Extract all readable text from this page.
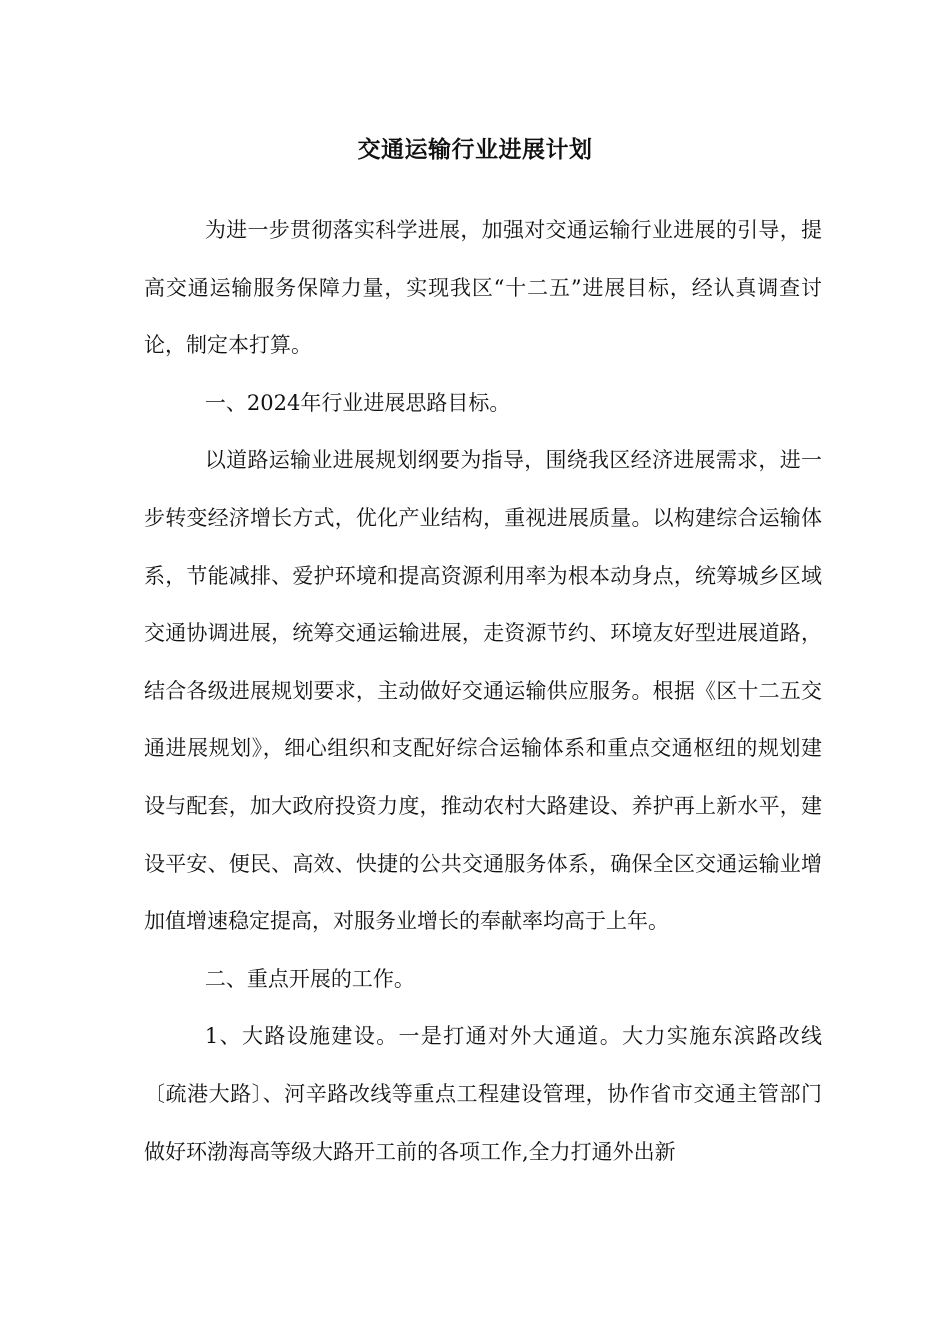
交通运输行业进展计划

为进一步贯彻落实科学进展，加强对交通运输行业进展的引导，提高交通运输服务保障力量，实现我区“十二五”进展目标，经认真调查讨论，制定本打算。

一、2024年行业进展思路目标。

以道路运输业进展规划纲要为指导，围绕我区经济进展需求，进一步转变经济增长方式，优化产业结构，重视进展质量。以构建综合运输体系，节能减排、爱护环境和提高资源利用率为根本动身点，统筹城乡区域交通协调进展，统筹交通运输进展，走资源节约、环境友好型进展道路，结合各级进展规划要求，主动做好交通运输供应服务。根据《区十二五交通进展规划》，细心组织和支配好综合运输体系和重点交通枢纽的规划建设与配套，加大政府投资力度，推动农村大路建设、养护再上新水平，建设平安、便民、高效、快捷的公共交通服务体系，确保全区交通运输业增加值增速稳定提高，对服务业增长的奉献率均高于上年。

二、重点开展的工作。

1、大路设施建设。一是打通对外大通道。大力实施东滨路改线〔疏港大路〕、河辛路改线等重点工程建设管理，协作省市交通主管部门做好环渤海高等级大路开工前的各项工作,全力打通外出新
